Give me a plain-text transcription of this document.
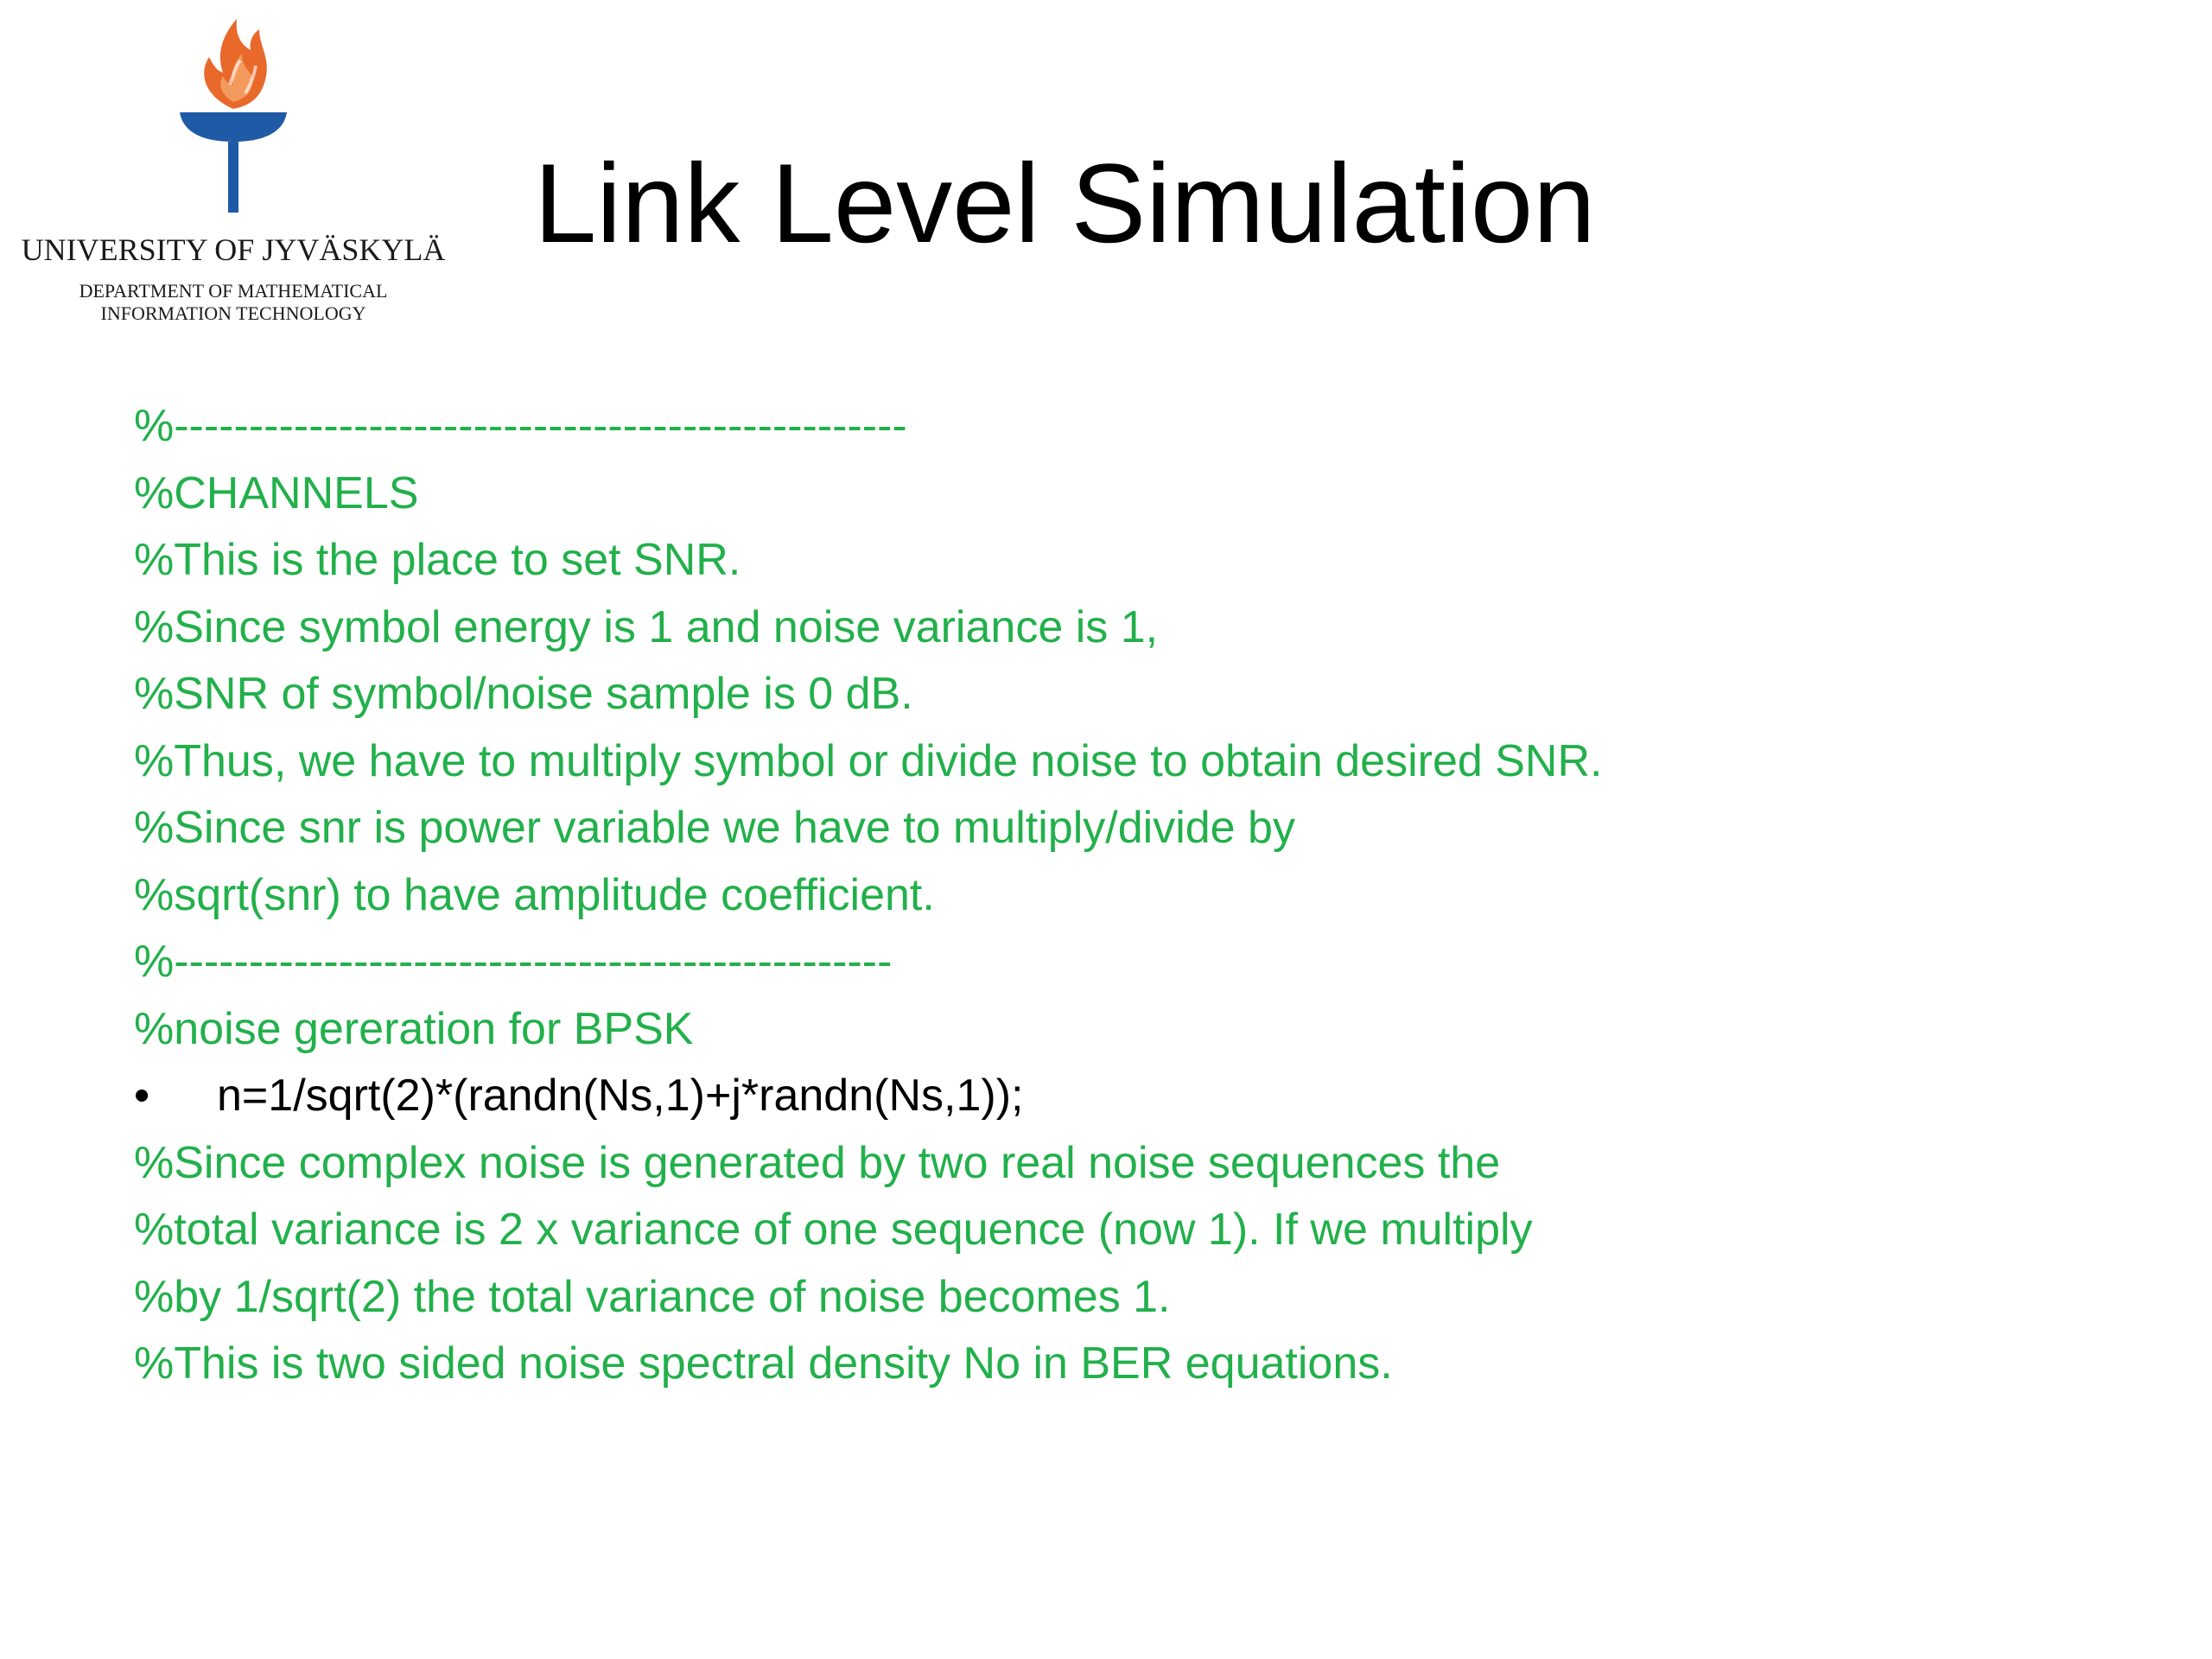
UNIVERSITY OF JYVÄSKYLÄ
DEPARTMENT OF MATHEMATICAL
INFORMATION TECHNOLOGY
Link Level Simulation
%-------------------------------------------------
%CHANNELS
%This is the place to set SNR.
%Since symbol energy is 1 and noise variance is 1,
%SNR of symbol/noise sample is 0 dB.
%Thus, we have to multiply symbol or divide noise to obtain desired SNR.
%Since snr is power variable we have to multiply/divide by
%sqrt(snr) to have amplitude coefficient.
%------------------------------------------------
%noise gereration for BPSK
• n=1/sqrt(2)*(randn(Ns,1)+j*randn(Ns,1));
%Since complex noise is generated by two real noise sequences the
%total variance is 2 x variance of one sequence (now 1). If we multiply
%by 1/sqrt(2) the total variance of noise becomes 1.
%This is two sided noise spectral density No in BER equations.
